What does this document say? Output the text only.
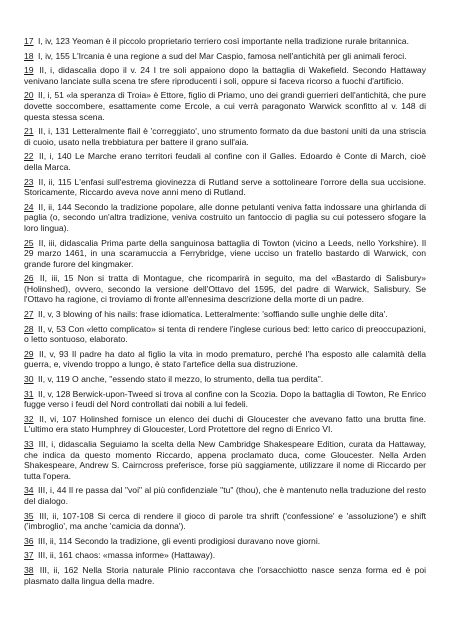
17 I, iv, 123 Yeoman è il piccolo proprietario terriero così importante nella tradizione rurale britannica.

18 I, iv, 155 L'Ircania è una regione a sud del Mar Caspio, famosa nell'antichità per gli animali feroci.

19 II, i, didascalia dopo il v. 24 I tre soli appaiono dopo la battaglia di Wakefield. Secondo Hattaway venivano lanciate sulla scena tre sfere riproducenti i soli, oppure si faceva ricorso a fuochi d'artificio.

20 II, i, 51 «la speranza di Troia» è Ettore, figlio di Priamo, uno dei grandi guerrieri dell'antichità, che pure dovette soccombere, esattamente come Ercole, a cui verrà paragonato Warwick sconfitto al v. 148 di questa stessa scena.

21 II, i, 131 Letteralmente flail è 'correggiato', uno strumento formato da due bastoni uniti da una striscia di cuoio, usato nella trebbiatura per battere il grano sull'aia.

22 II, i, 140 Le Marche erano territori feudali al confine con il Galles. Edoardo è Conte di March, cioè della Marca.

23 II, ii, 115 L'enfasi sull'estrema giovinezza di Rutland serve a sottolineare l'orrore della sua uccisione. Storicamente, Riccardo aveva nove anni meno di Rutland.

24 II, ii, 144 Secondo la tradizione popolare, alle donne petulanti veniva fatta indossare una ghirlanda di paglia (o, secondo un'altra tradizione, veniva costruito un fantoccio di paglia su cui potessero sfogare la loro lingua).

25 II, iii, didascalia Prima parte della sanguinosa battaglia di Towton (vicino a Leeds, nello Yorkshire). Il 29 marzo 1461, in una scaramuccia a Ferrybridge, viene ucciso un fratello bastardo di Warwick, con grande furore del kingmaker.

26 II, iii, 15 Non si tratta di Montague, che ricomparirà in seguito, ma del «Bastardo di Salisbury» (Holinshed), ovvero, secondo la versione dell'Ottavo del 1595, del padre di Warwick, Salisbury. Se l'Ottavo ha ragione, ci troviamo di fronte all'ennesima descrizione della morte di un padre.

27 II, v, 3 blowing of his nails: frase idiomatica. Letteralmente: 'soffiando sulle unghie delle dita'.

28 II, v, 53 Con «letto complicato» si tenta di rendere l'inglese curious bed: letto carico di preoccupazioni, o letto sontuoso, elaborato.

29 II, v, 93 Il padre ha dato al figlio la vita in modo prematuro, perché l'ha esposto alle calamità della guerra, e, vivendo troppo a lungo, è stato l'artefice della sua distruzione.

30 II, v, 119 O anche, "essendo stato il mezzo, lo strumento, della tua perdita".

31 II, v, 128 Berwick-upon-Tweed si trova al confine con la Scozia. Dopo la battaglia di Towton, Re Enrico fugge verso i feudi del Nord controllati dai nobili a lui fedeli.

32 II, vi, 107 Holinshed fornisce un elenco dei duchi di Gloucester che avevano fatto una brutta fine. L'ultimo era stato Humphrey di Gloucester, Lord Protettore del regno di Enrico VI.

33 III, i, didascalia Seguiamo la scelta della New Cambridge Shakespeare Edition, curata da Hattaway, che indica da questo momento Riccardo, appena proclamato duca, come Gloucester. Nella Arden Shakespeare, Andrew S. Cairncross preferisce, forse più saggiamente, utilizzare il nome di Riccardo per tutta l'opera.

34 III, i, 44 Il re passa dal "voi" al più confidenziale "tu" (thou), che è mantenuto nella traduzione del resto del dialogo.

35 III, ii, 107-108 Si cerca di rendere il gioco di parole tra shrift ('confessione' e 'assoluzione') e shift ('imbroglio', ma anche 'camicia da donna').

36 III, ii, 114 Secondo la tradizione, gli eventi prodigiosi duravano nove giorni.

37 III, ii, 161 chaos: «massa informe» (Hattaway).

38 III, ii, 162 Nella Storia naturale Plinio raccontava che l'orsacchiotto nasce senza forma ed è poi plasmato dalla lingua della madre.
